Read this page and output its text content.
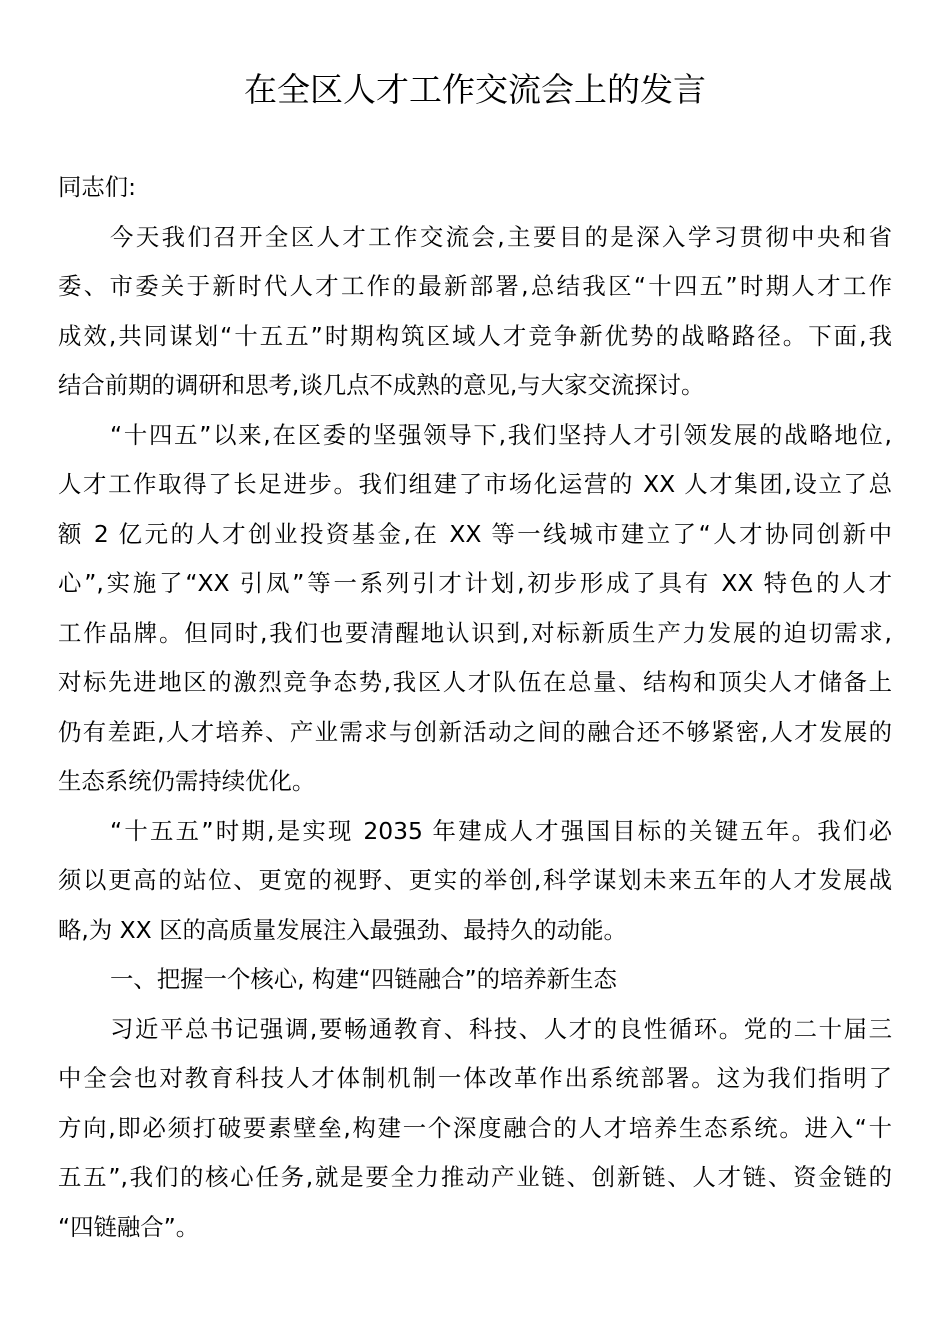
在全区人才工作交流会上的发言
同志们:
今天我们召开全区人才工作交流会,主要目的是深入学习贯彻中央和省
委、市委关于新时代人才工作的最新部署,总结我区“十四五”时期人才工作
成效,共同谋划“十五五”时期构筑区域人才竞争新优势的战略路径。下面,我
结合前期的调研和思考,谈几点不成熟的意见,与大家交流探讨。
“十四五”以来,在区委的坚强领导下,我们坚持人才引领发展的战略地位,
人才工作取得了长足进步。我们组建了市场化运营的 XX 人才集团,设立了总
额 2 亿元的人才创业投资基金,在 XX 等一线城市建立了“人才协同创新中
心”,实施了“XX 引凤”等一系列引才计划,初步形成了具有 XX 特色的人才
工作品牌。但同时,我们也要清醒地认识到,对标新质生产力发展的迫切需求,
对标先进地区的激烈竞争态势,我区人才队伍在总量、结构和顶尖人才储备上
仍有差距,人才培养、产业需求与创新活动之间的融合还不够紧密,人才发展的
生态系统仍需持续优化。
“十五五”时期,是实现 2035 年建成人才强国目标的关键五年。我们必
须以更高的站位、更宽的视野、更实的举创,科学谋划未来五年的人才发展战
略,为 XX 区的高质量发展注入最强劲、最持久的动能。
一、把握一个核心, 构建“四链融合”的培养新生态
习近平总书记强调,要畅通教育、科技、人才的良性循环。党的二十届三
中全会也对教育科技人才体制机制一体改革作出系统部署。这为我们指明了
方向,即必须打破要素壁垒,构建一个深度融合的人才培养生态系统。进入“十
五五”,我们的核心任务,就是要全力推动产业链、创新链、人才链、资金链的
“四链融合”。
